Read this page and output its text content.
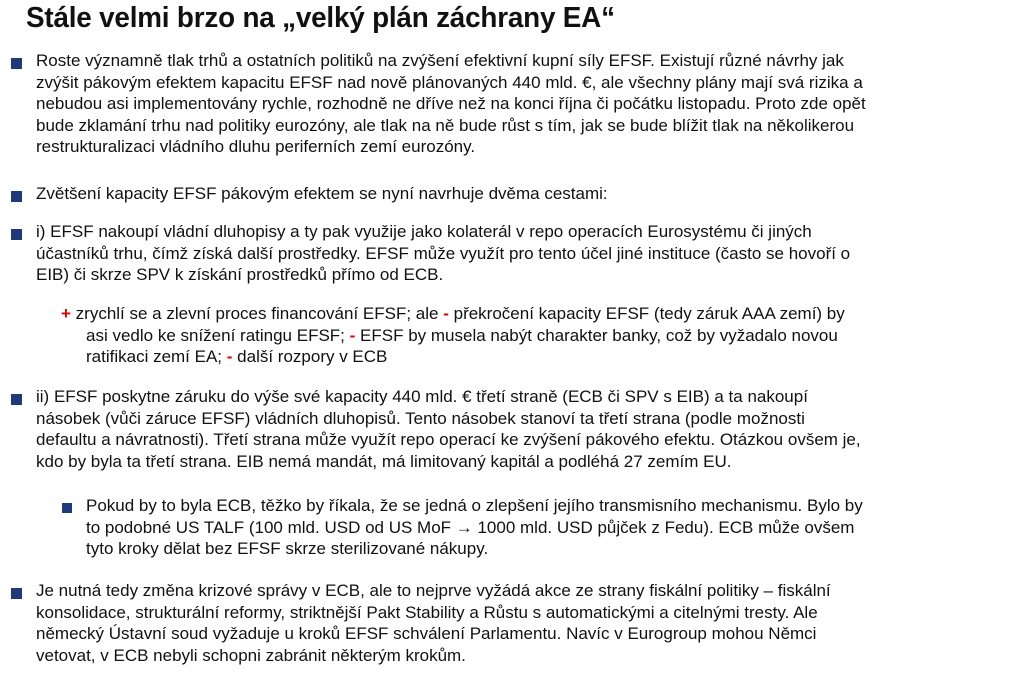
Stále velmi brzo na „velký plán záchrany EA“
Roste významně tlak trhů a ostatních politiků na zvýšení efektivní kupní síly EFSF. Existují různé návrhy jak
zvýšit pákovým efektem kapacitu EFSF nad nově plánovaných 440 mld. €, ale všechny plány mají svá rizika a
nebudou asi implementovány rychle, rozhodně ne dříve než na konci října či počátku listopadu. Proto zde opět
bude zklamání trhu nad politiky eurozóny, ale tlak na ně bude růst s tím, jak se bude blížit tlak na několikerou
restrukturalizaci vládního dluhu periferních zemí eurozóny.
Zvětšení kapacity EFSF pákovým efektem se nyní navrhuje dvěma cestami:
i) EFSF nakoupí vládní dluhopisy a ty pak využije jako kolaterál v repo operacích Eurosystému či jiných
účastníků trhu, čímž získá další prostředky. EFSF může využít pro tento účel jiné instituce (často se hovoří o
EIB) či skrze SPV k získání prostředků přímo od ECB.
+ zrychlí se a zlevní proces financování EFSF; ale - překročení kapacity EFSF (tedy záruk AAA zemí) by
asi vedlo ke snížení ratingu EFSF; - EFSF by musela nabýt charakter banky, což by vyžadalo novou
ratifikaci zemí EA; - další rozpory v ECB
ii) EFSF poskytne záruku do výše své kapacity 440 mld. € třetí straně (ECB či SPV s EIB) a ta nakoupí
násobek (vůči záruce EFSF) vládních dluhopisů. Tento násobek stanoví ta třetí strana (podle možnosti
defaultu a návratnosti). Třetí strana může využít repo operací ke zvýšení pákového efektu. Otázkou ovšem je,
kdo by byla ta třetí strana. EIB nemá mandát, má limitovaný kapitál a podléhá 27 zemím EU.
Pokud by to byla ECB, těžko by říkala, že se jedná o zlepšení jejího transmisního mechanismu. Bylo by
to podobné US TALF (100 mld. USD od US MoF → 1000 mld. USD půjček z Fedu). ECB může ovšem
tyto kroky dělat bez EFSF skrze sterilizované nákupy.
Je nutná tedy změna krizové správy v ECB, ale to nejprve vyžádá akce ze strany fiskální politiky – fiskální
konsolidace, strukturální reformy, striktnější Pakt Stability a Růstu s automatickými a citelnými tresty. Ale
německý Ústavní soud vyžaduje u kroků EFSF schválení Parlamentu. Navíc v Eurogroup mohou Němci
vetovat, v ECB nebyli schopni zabránit některým krokům.
